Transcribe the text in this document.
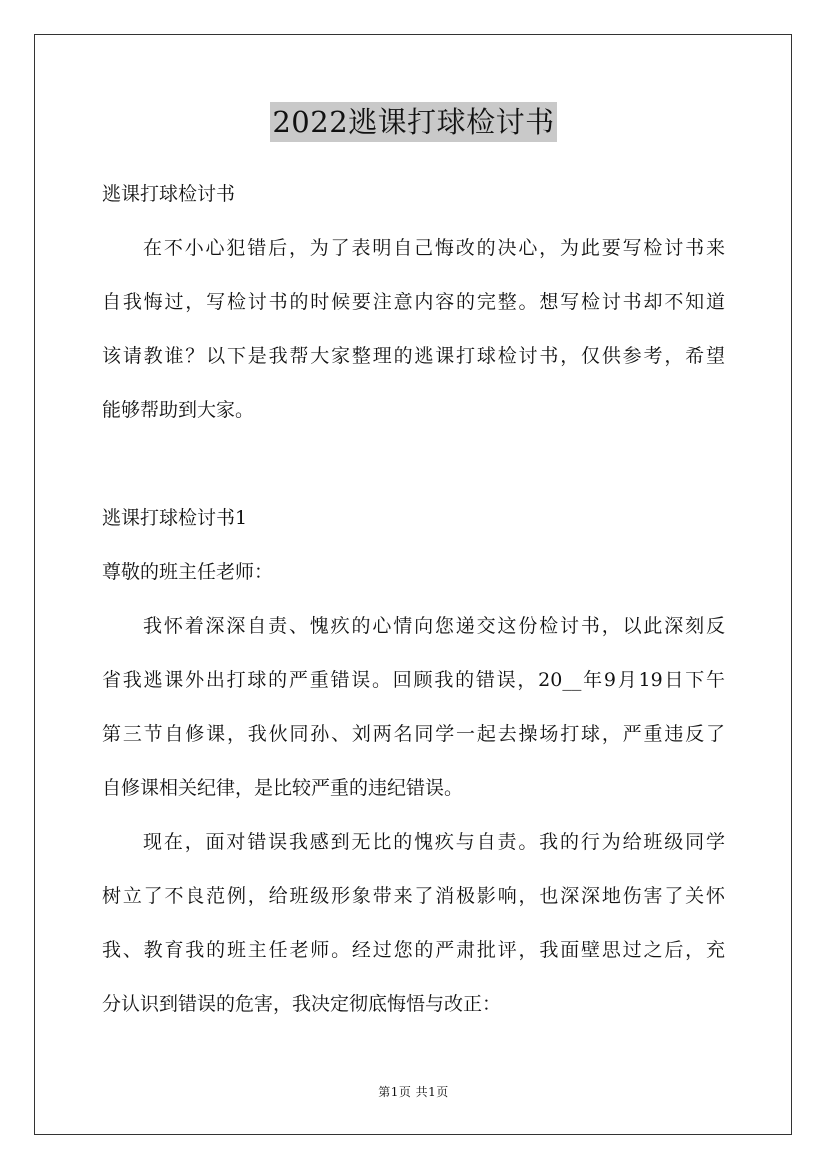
2022逃课打球检讨书
逃课打球检讨书
在不小心犯错后，为了表明自己悔改的决心，为此要写检讨书来
自我悔过，写检讨书的时候要注意内容的完整。想写检讨书却不知道
该请教谁？以下是我帮大家整理的逃课打球检讨书，仅供参考，希望
能够帮助到大家。
逃课打球检讨书1
尊敬的班主任老师：
我怀着深深自责、愧疚的心情向您递交这份检讨书，以此深刻反
省我逃课外出打球的严重错误。回顾我的错误，20__年9月19日下午
第三节自修课，我伙同孙、刘两名同学一起去操场打球，严重违反了
自修课相关纪律，是比较严重的违纪错误。
现在，面对错误我感到无比的愧疚与自责。我的行为给班级同学
树立了不良范例，给班级形象带来了消极影响，也深深地伤害了关怀
我、教育我的班主任老师。经过您的严肃批评，我面壁思过之后，充
分认识到错误的危害，我决定彻底悔悟与改正：
第1页 共1页
